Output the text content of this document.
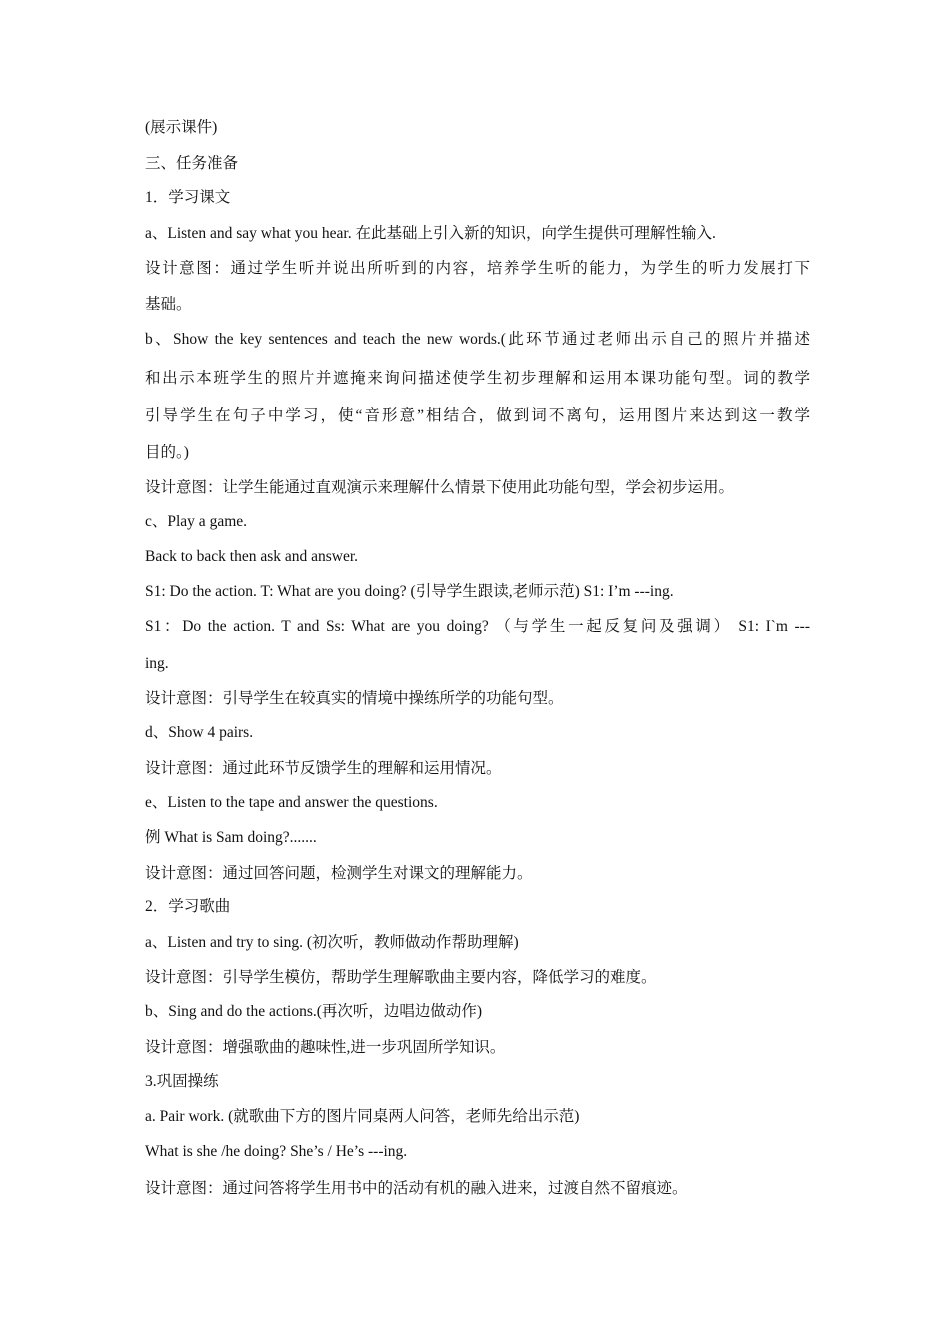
(展示课件)
三、任务准备
1．学习课文
a、Listen and say what you hear. 在此基础上引入新的知识，向学生提供可理解性输入.
设计意图：通过学生听并说出所听到的内容，培养学生听的能力，为学生的听力发展打下
基础。
b、Show the key sentences and teach the new words.(此环节通过老师出示自己的照片并描述
和出示本班学生的照片并遮掩来询问描述使学生初步理解和运用本课功能句型。词的教学
引导学生在句子中学习，使“音形意”相结合，做到词不离句，运用图片来达到这一教学
目的。)
设计意图：让学生能通过直观演示来理解什么情景下使用此功能句型，学会初步运用。
c、Play a game.
Back to back then ask and answer.
S1: Do the action. T: What are you doing? (引导学生跟读,老师示范) S1: I’m ---ing.
S1：Do the action. T and Ss: What are you doing? （与学生一起反复问及强调） S1: I`m ---
ing.
设计意图：引导学生在较真实的情境中操练所学的功能句型。
d、Show 4 pairs.
设计意图：通过此环节反馈学生的理解和运用情况。
e、Listen to the tape and answer the questions.
例 What is Sam doing?.......
设计意图：通过回答问题，检测学生对课文的理解能力。
2．学习歌曲
a、Listen and try to sing. (初次听，教师做动作帮助理解)
设计意图：引导学生模仿，帮助学生理解歌曲主要内容，降低学习的难度。
b、Sing and do the actions.(再次听，边唱边做动作)
设计意图：增强歌曲的趣味性,进一步巩固所学知识。
3.巩固操练
a. Pair work. (就歌曲下方的图片同桌两人问答，老师先给出示范)
What is she /he doing? She’s / He’s ---ing.
设计意图：通过问答将学生用书中的活动有机的融入进来，过渡自然不留痕迹。
